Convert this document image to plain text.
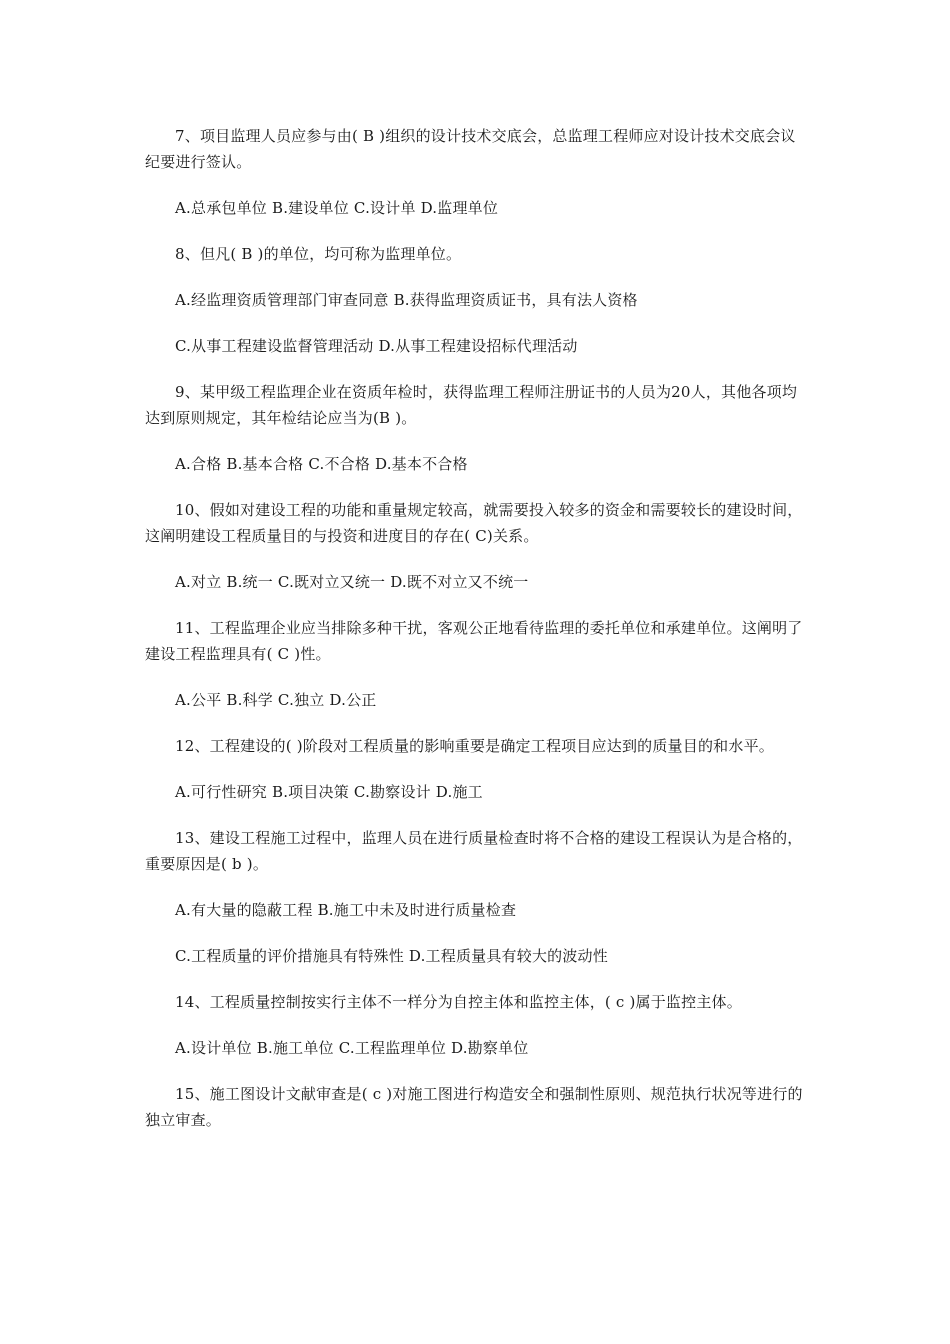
7、项目监理人员应参与由( B )组织的设计技术交底会，总监理工程师应对设计技术交底会议纪要进行签认。

A.总承包单位 B.建设单位 C.设计单 D.监理单位

8、但凡( B )的单位，均可称为监理单位。

A.经监理资质管理部门审查同意 B.获得监理资质证书，具有法人资格

C.从事工程建设监督管理活动 D.从事工程建设招标代理活动

9、某甲级工程监理企业在资质年检时，获得监理工程师注册证书的人员为20人，其他各项均达到原则规定，其年检结论应当为(B )。

A.合格 B.基本合格 C.不合格 D.基本不合格

10、假如对建设工程的功能和重量规定较高，就需要投入较多的资金和需要较长的建设时间，这阐明建设工程质量目的与投资和进度目的存在( C)关系。

A.对立 B.统一 C.既对立又统一 D.既不对立又不统一

11、工程监理企业应当排除多种干扰，客观公正地看待监理的委托单位和承建单位。这阐明了建设工程监理具有( C )性。

A.公平 B.科学 C.独立 D.公正

12、工程建设的( )阶段对工程质量的影响重要是确定工程项目应达到的质量目的和水平。

A.可行性研究 B.项目决策 C.勘察设计 D.施工

13、建设工程施工过程中，监理人员在进行质量检查时将不合格的建设工程误认为是合格的，重要原因是( b )。

A.有大量的隐蔽工程 B.施工中未及时进行质量检查

C.工程质量的评价措施具有特殊性 D.工程质量具有较大的波动性

14、工程质量控制按实行主体不一样分为自控主体和监控主体，( c )属于监控主体。

A.设计单位 B.施工单位 C.工程监理单位 D.勘察单位

15、施工图设计文献审查是( c )对施工图进行构造安全和强制性原则、规范执行状况等进行的独立审查。
